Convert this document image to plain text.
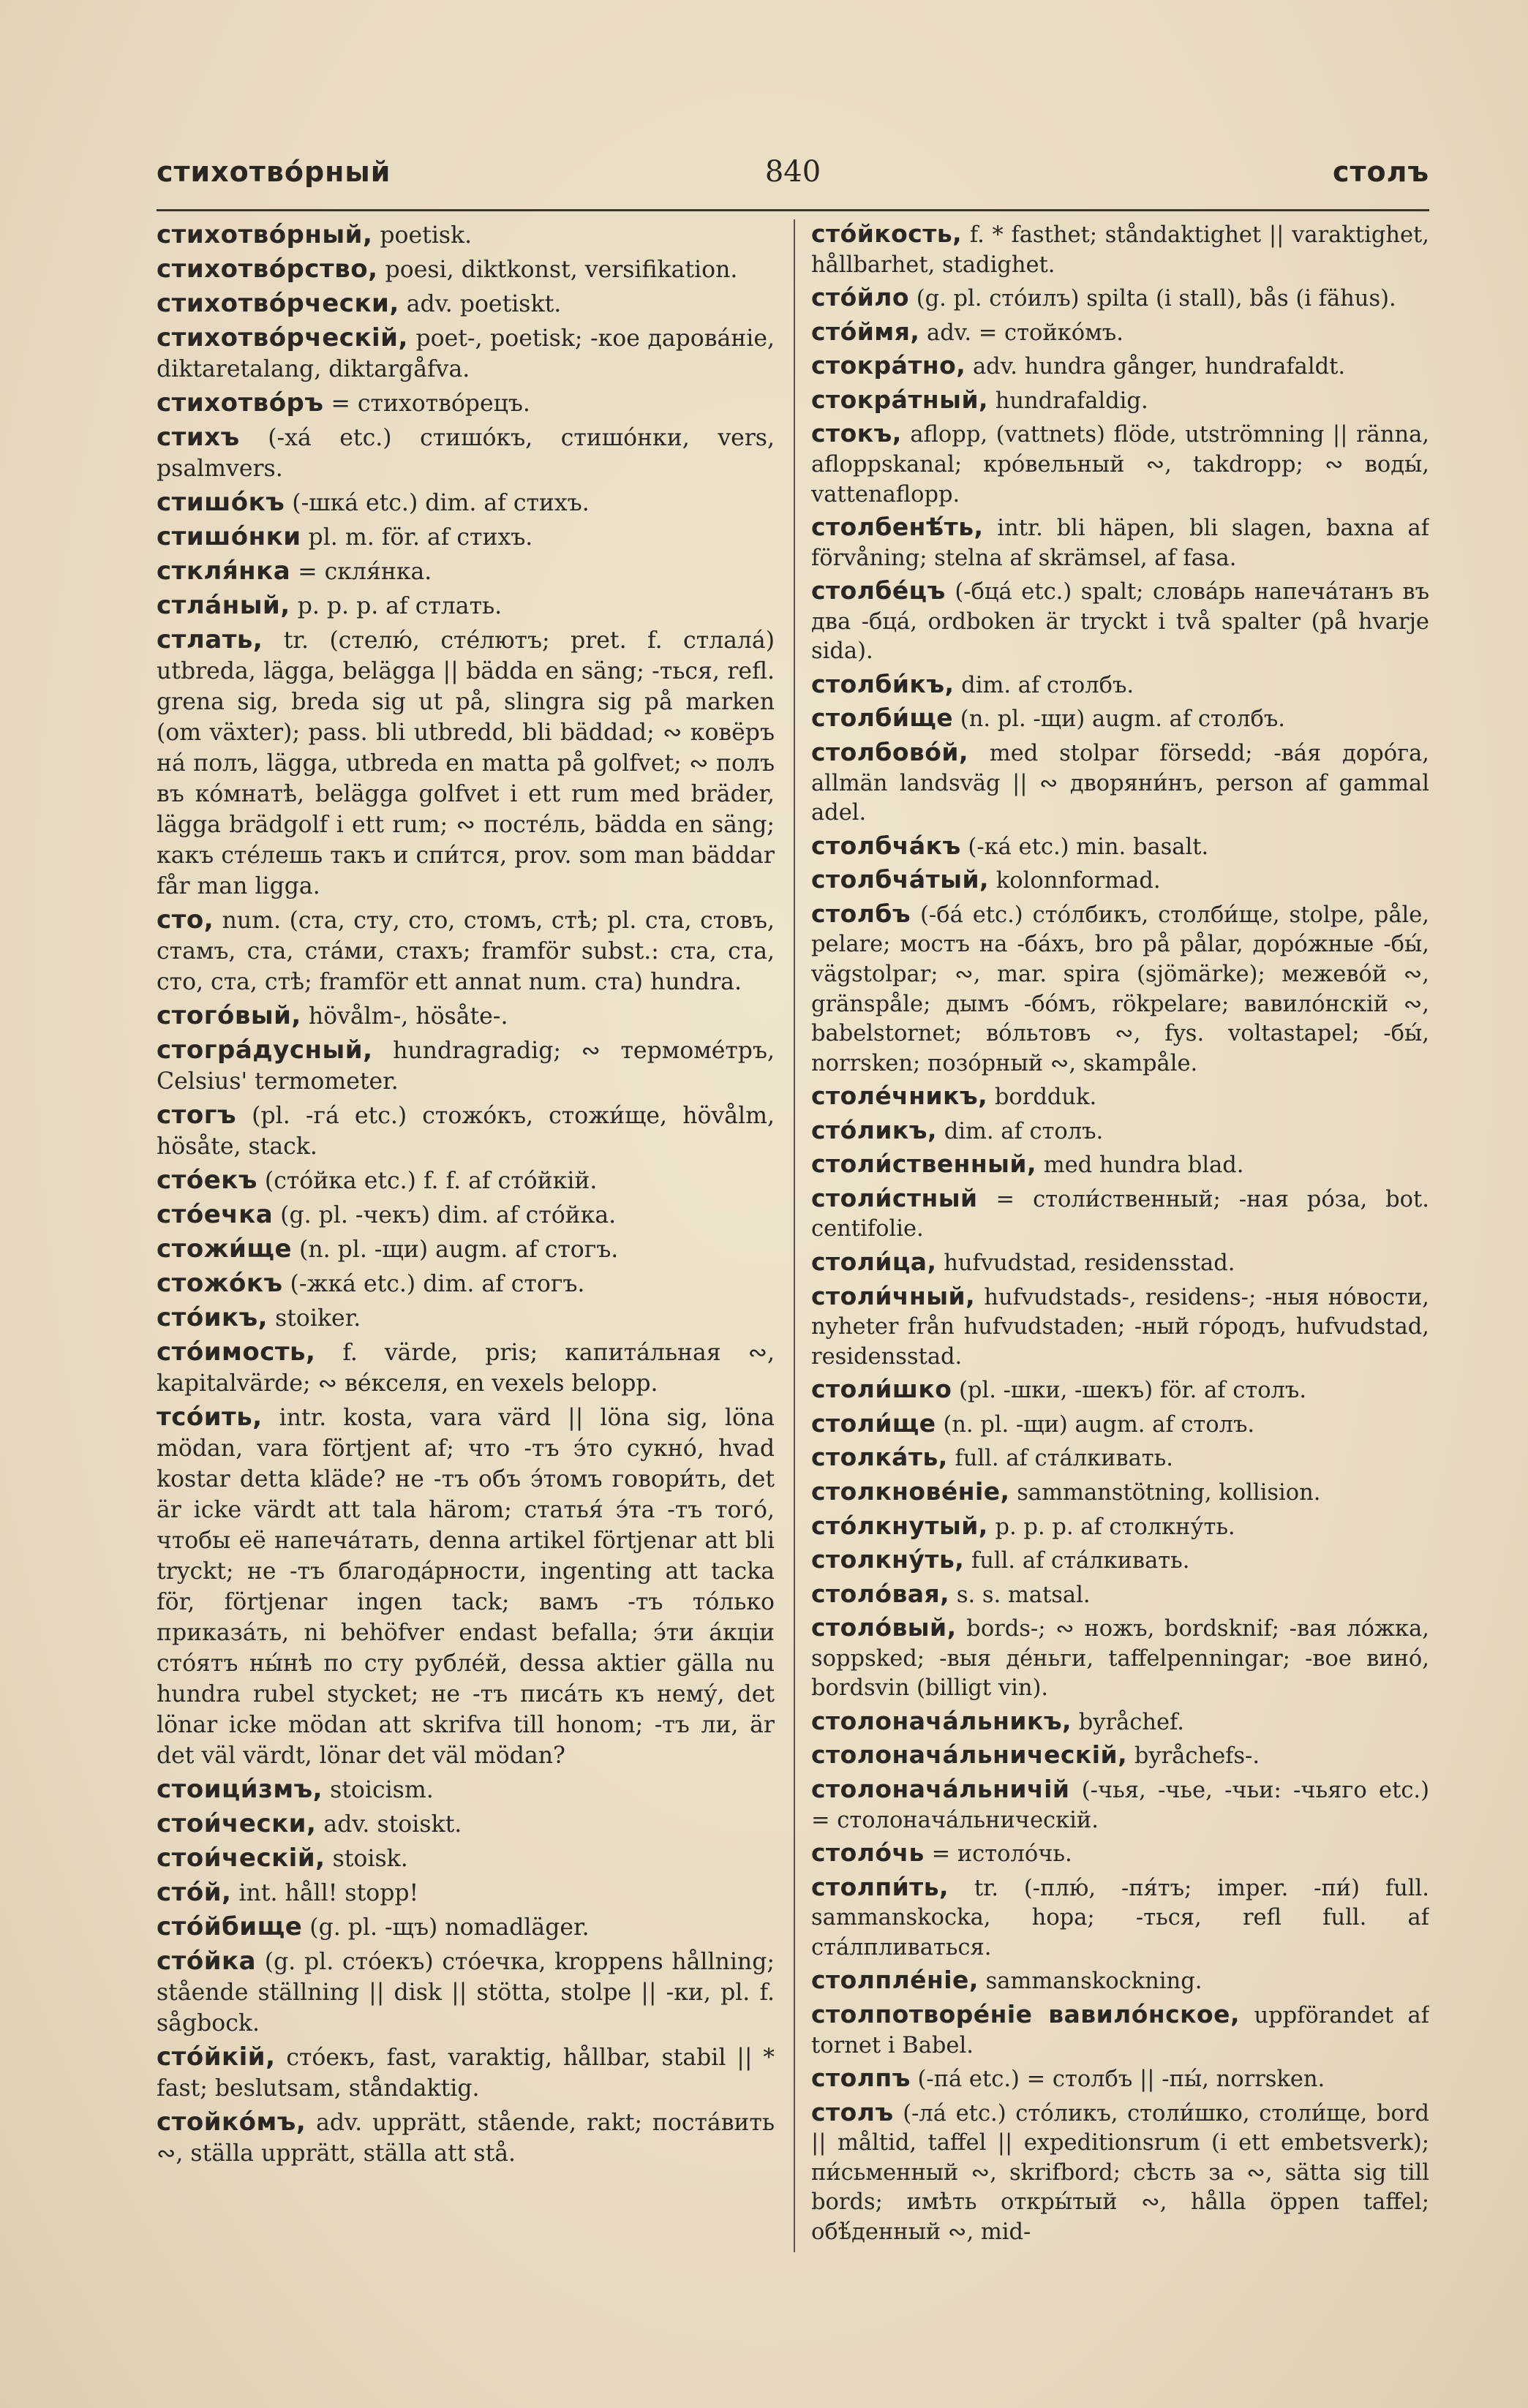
стихотво́рный	840	столъ

стихотво́рный, poetisk.

стихотво́рство, poesi, diktkonst, versifikation.

стихотво́рчески, adv. poetiskt.

стихотво́рческій, poet-, poetisk; -кое дарова́ніе, diktaretalang, diktargåfva.

стихотво́ръ = стихотво́рецъ.

стихъ (-ха́ etc.) стишо́къ, стишо́нки, vers, psalmvers.

стишо́къ (-шка́ etc.) dim. af стихъ.

стишо́нки pl. m. för. af стихъ.

сткля́нка = скля́нка.

стла́ный, p. p. p. af стлать.

стлать, tr. (стелю́, сте́лютъ; pret. f. стлала́) utbreda, lägga, belägga || bädda en säng; -ться, refl. grena sig, breda sig ut på, slingra sig på marken (om växter); pass. bli utbredd, bli bäddad; ∾ ковёръ на́ полъ, lägga, utbreda en matta på golfvet; ∾ полъ въ ко́мнатѣ, belägga golfvet i ett rum med bräder, lägga brädgolf i ett rum; ∾ посте́ль, bädda en säng; какъ сте́лешь такъ и спи́тся, prov. som man bäddar får man ligga.

сто, num. (ста, сту, сто, стомъ, стѣ; pl. ста, стовъ, стамъ, ста, ста́ми, стахъ; framför subst.: ста, ста, сто, ста, стѣ; framför ett annat num. ста) hundra.

стого́вый, hövålm-, hösåte-.

стогра́дусный, hundragradig; ∾ термоме́тръ, Celsius' termometer.

стогъ (pl. -га́ etc.) стожо́къ, стожи́ще, hövålm, hösåte, stack.

сто́екъ (сто́йка etc.) f. f. af сто́йкій.

сто́ечка (g. pl. -чекъ) dim. af сто́йка.

стожи́ще (n. pl. -щи) augm. af стогъ.

стожо́къ (-жка́ etc.) dim. af стогъ.

сто́икъ, stoiker.

сто́имость, f. värde, pris; капита́льная ∾, kapitalvärde; ∾ ве́кселя, en vexels belopp.

тсо́ить, intr. kosta, vara värd || löna sig, löna mödan, vara förtjent af; что -тъ э́то сукно́, hvad kostar detta kläde? не -тъ объ э́томъ говори́ть, det är icke värdt att tala härom; статья́ э́та -тъ того́, чтобы её напеча́тать, denna artikel förtjenar att bli tryckt; не -тъ благода́рности, ingenting att tacka för, förtjenar ingen tack; вамъ -тъ то́лько приказа́ть, ni behöfver endast befalla; э́ти а́кціи сто́ятъ ны́нѣ по сту рубле́й, dessa aktier gälla nu hundra rubel stycket; не -тъ писа́ть къ нему́, det lönar icke mödan att skrifva till honom; -тъ ли, är det väl värdt, lönar det väl mödan?

стоици́змъ, stoicism.

стои́чески, adv. stoiskt.

стои́ческій, stoisk.

сто́й, int. håll! stopp!

сто́йбище (g. pl. -щъ) nomadläger.

сто́йка (g. pl. сто́екъ) сто́ечка, kroppens hållning; stående ställning || disk || stötta, stolpe || -ки, pl. f. sågbock.

сто́йкій, сто́екъ, fast, varaktig, hållbar, stabil || * fast; beslutsam, ståndaktig.

стойко́мъ, adv. upprätt, stående, rakt; поста́вить ∾, ställa upprätt, ställa att stå.

сто́йкость, f. * fasthet; ståndaktighet || varaktighet, hållbarhet, stadighet.

сто́йло (g. pl. сто́илъ) spilta (i stall), bås (i fähus).

сто́ймя, adv. = стойко́мъ.

стокра́тно, adv. hundra gånger, hundrafaldt.

стокра́тный, hundrafaldig.

стокъ, aflopp, (vattnets) flöde, utströmning || ränna, afloppskanal; кро́вельный ∾, takdropp; ∾ воды́, vattenaflopp.

столбенѣ́ть, intr. bli häpen, bli slagen, baxna af förvåning; stelna af skrämsel, af fasa.

столбе́цъ (-бца́ etc.) spalt; слова́рь напеча́танъ въ два -бца́, ordboken är tryckt i två spalter (på hvarje sida).

столби́къ, dim. af столбъ.

столби́ще (n. pl. -щи) augm. af столбъ.

столбово́й, med stolpar försedd; -ва́я доро́га, allmän landsväg || ∾ дворяни́нъ, person af gammal adel.

столбча́къ (-ка́ etc.) min. basalt.

столбча́тый, kolonnformad.

столбъ (-ба́ etc.) сто́лбикъ, столби́ще, stolpe, påle, pelare; мостъ на -ба́хъ, bro på pålar, доро́жные -бы́, vägstolpar; ∾, mar. spira (sjömärke); межево́й ∾, gränspåle; дымъ -бо́мъ, rökpelare; вавило́нскій ∾, babelstornet; во́льтовъ ∾, fys. voltastapel; -бы́, norrsken; позо́рный ∾, skampåle.

столе́чникъ, bordduk.

сто́ликъ, dim. af столъ.

столи́ственный, med hundra blad.

столи́стный = столи́ственный; -ная ро́за, bot. centifolie.

столи́ца, hufvudstad, residensstad.

столи́чный, hufvudstads-, residens-; -ныя но́вости, nyheter från hufvudstaden; -ный го́родъ, hufvudstad, residensstad.

столи́шко (pl. -шки, -шекъ) för. af столъ.

столи́ще (n. pl. -щи) augm. af столъ.

столка́ть, full. af ста́лкивать.

столкнове́ніе, sammanstötning, kollision.

сто́лкнутый, p. p. p. af столкну́ть.

столкну́ть, full. af ста́лкивать.

столо́вая, s. s. matsal.

столо́вый, bords-; ∾ ножъ, bordsknif; -вая ло́жка, soppsked; -выя де́ньги, taffelpenningar; -вое вино́, bordsvin (billigt vin).

столонача́льникъ, byråchef.

столонача́льническій, byråchefs-.

столонача́льничій (-чья, -чье, -чьи: -чьяго etc.) = столонача́льническій.

столо́чь = истоло́чь.

столпи́ть, tr. (-плю́, -пя́тъ; imper. -пи́) full. sammanskocka, hopa; -ться, refl full. af ста́лпливаться.

столпле́ніе, sammanskockning.

столпотворе́ніе вавило́нское, uppförandet af tornet i Babel.

столпъ (-па́ etc.) = столбъ || -пы́, norrsken.

столъ (-ла́ etc.) сто́ликъ, столи́шко, столи́ще, bord || måltid, taffel || expeditionsrum (i ett embetsverk); пи́сьменный ∾, skrifbord; сѣсть за ∾, sätta sig till bords; имѣть откры́тый ∾, hålla öppen taffel; обѣ́денный ∾, mid-
